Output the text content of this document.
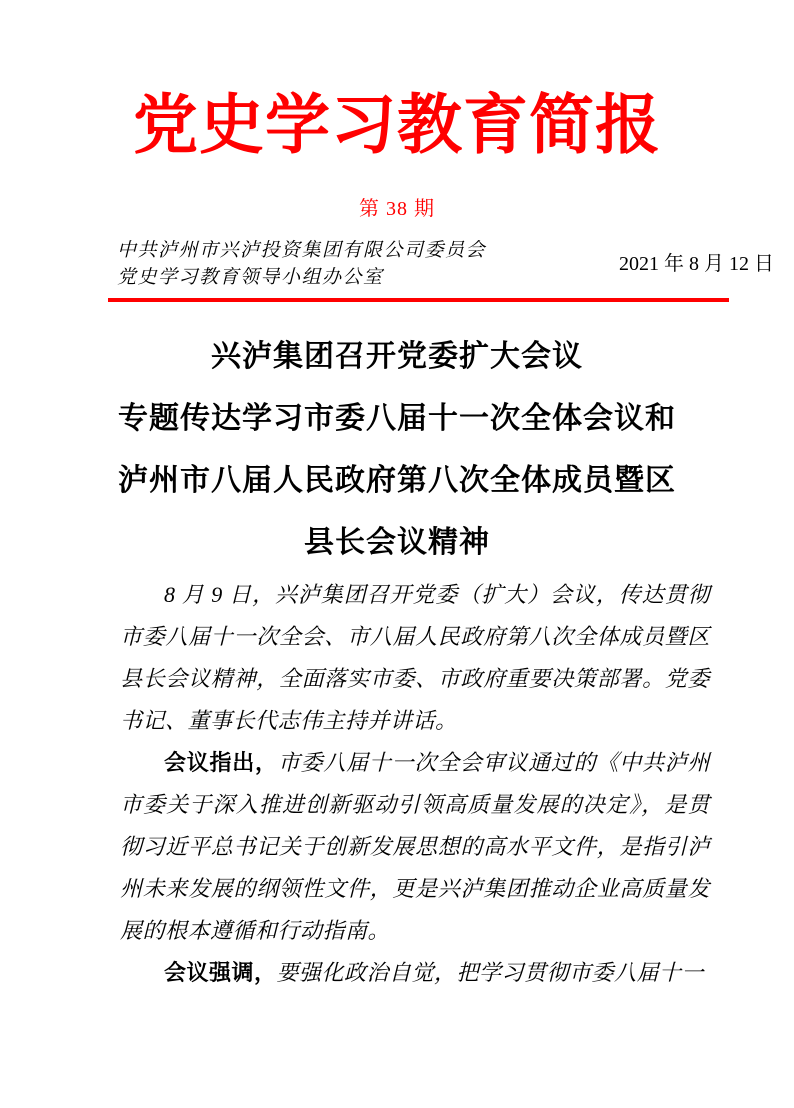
党史学习教育简报
第 38 期
中共泸州市兴泸投资集团有限公司委员会
党史学习教育领导小组办公室
2021 年 8 月 12 日
兴泸集团召开党委扩大会议
专题传达学习市委八届十一次全体会议和
泸州市八届人民政府第八次全体成员暨区
县长会议精神

8 月 9 日，兴泸集团召开党委（扩大）会议，传达贯彻市委八届十一次全会、市八届人民政府第八次全体成员暨区县长会议精神，全面落实市委、市政府重要决策部署。党委书记、董事长代志伟主持并讲话。

会议指出，市委八届十一次全会审议通过的《中共泸州市委关于深入推进创新驱动引领高质量发展的决定》，是贯彻习近平总书记关于创新发展思想的高水平文件，是指引泸州未来发展的纲领性文件，更是兴泸集团推动企业高质量发展的根本遵循和行动指南。

会议强调，要强化政治自觉，把学习贯彻市委八届十一
